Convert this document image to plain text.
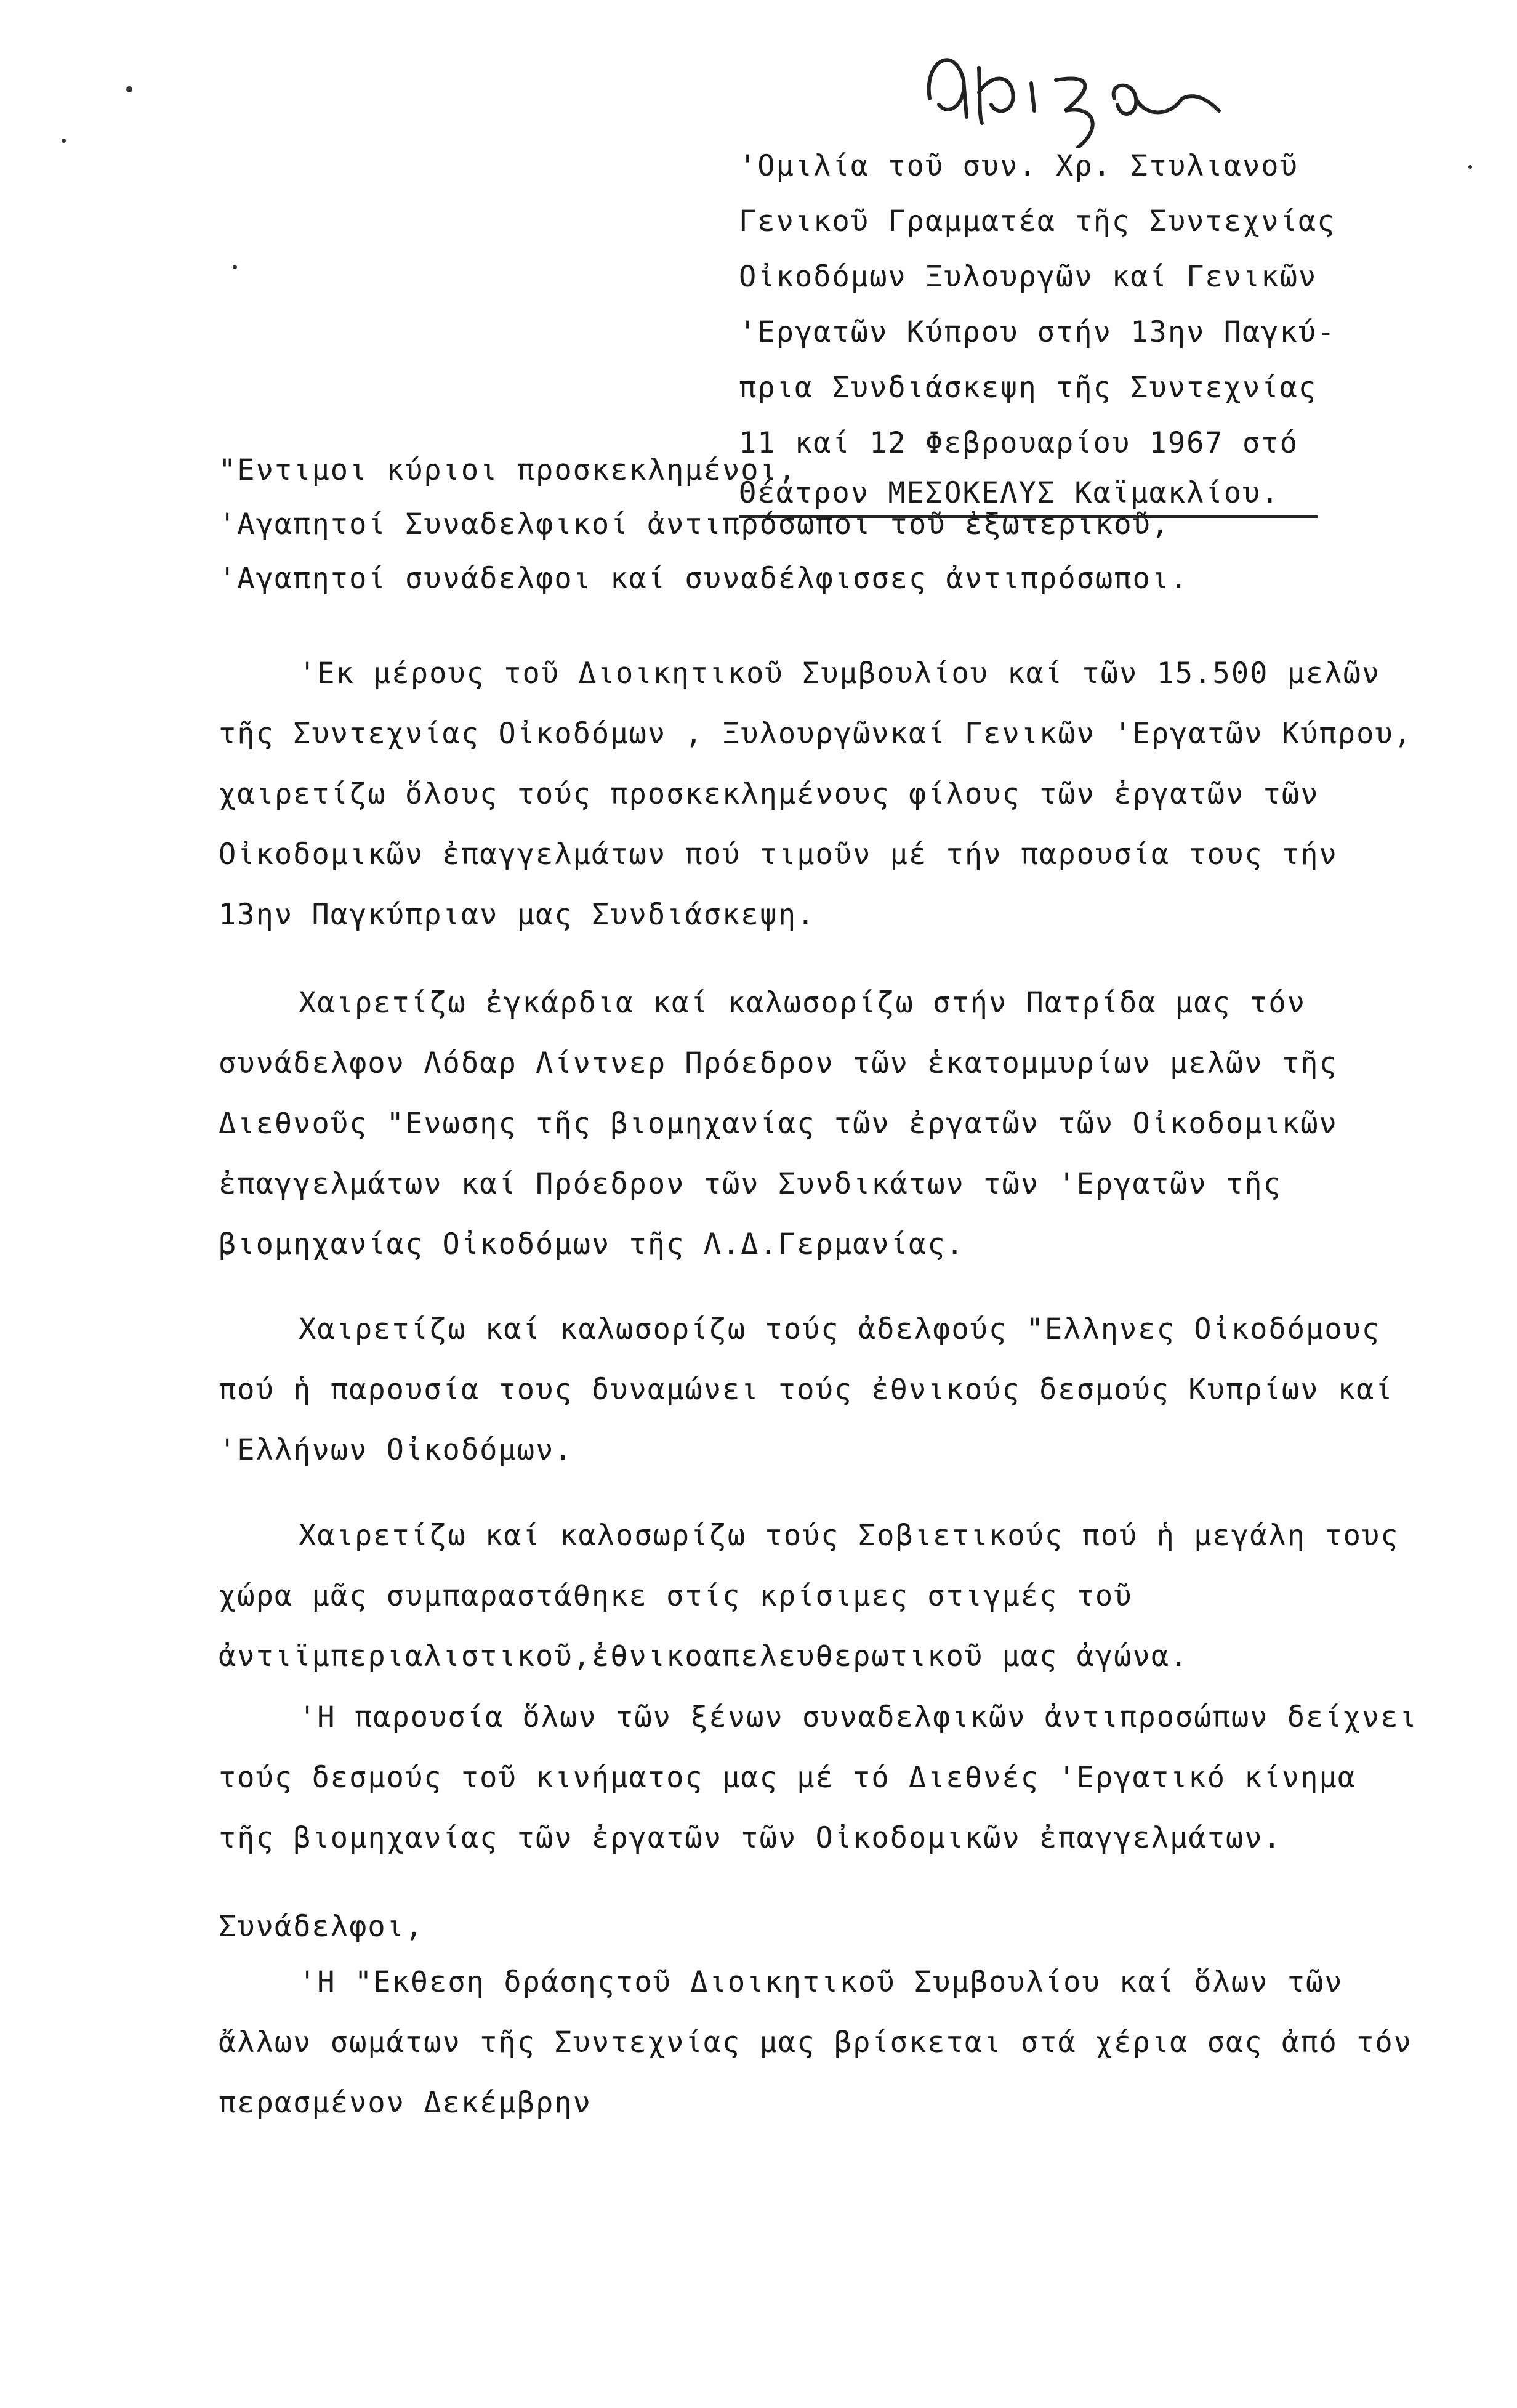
'Ομιλία τοῦ συν. Χρ. Στυλιανοῦ
Γενικοῦ Γραμματέα τῆς Συντεχνίας
Οἰκοδόμων Ξυλουργῶν καί Γενικῶν
'Εργατῶν Κύπρου στήν 13ην Παγκύ-
πρια Συνδιάσκεψη τῆς Συντεχνίας
11 καί 12 Φεβρουαρίου 1967 στό
Θέατρον ΜΕΣΟΚΕΛΥΣ Καϊμακλίου.
"Εντιμοι κύριοι προσκεκλημένοι,
'Αγαπητοί Συναδελφικοί ἀντιπρόσωποι τοῦ ἐξωτερικοῦ,
'Αγαπητοί συνάδελφοι καί συναδέλφισσες ἀντιπρόσωποι.

'Εκ μέρους τοῦ Διοικητικοῦ Συμβουλίου καί τῶν 15.500 μελῶν τῆς Συντεχνίας Οἰκοδόμων , Ξυλουργῶνκαί Γενικῶν 'Εργατῶν Κύπρου, χαιρετίζω ὅλους τούς προσκεκλημένους φίλους τῶν ἐργατῶν τῶν Οἰκοδομικῶν ἐπαγγελμάτων πού τιμοῦν μέ τήν παρουσία τους τήν 13ην Παγκύπριαν μας Συνδιάσκεψη.

Χαιρετίζω ἐγκάρδια καί καλωσορίζω στήν Πατρίδα μας τόν συνάδελφον Λόδαρ Λίντνερ Πρόεδρον τῶν ἑκατομμυρίων μελῶν τῆς Διεθνοῦς "Ενωσης τῆς βιομηχανίας τῶν ἐργατῶν τῶν Οἰκοδομικῶν ἐπαγγελμάτων καί Πρόεδρον τῶν Συνδικάτων τῶν 'Εργατῶν τῆς βιομηχανίας Οἰκοδόμων τῆς Λ.Δ.Γερμανίας.

Χαιρετίζω καί καλωσορίζω τούς ἀδελφούς "Ελληνες Οἰκοδόμους πού ἡ παρουσία τους δυναμώνει τούς ἐθνικούς δεσμούς Κυπρίων καί 'Ελλήνων Οἰκοδόμων.

Χαιρετίζω καί καλοσωρίζω τούς Σοβιετικούς πού ἡ μεγάλη τους χώρα μᾶς συμπαραστάθηκε στίς κρίσιμες στιγμές τοῦ ἀντιϊμπεριαλιστικοῦ,ἐθνικοαπελευθερωτικοῦ μας ἀγώνα.

'Η παρουσία ὅλων τῶν ξένων συναδελφικῶν ἀντιπροσώπων δείχνει τούς δεσμούς τοῦ κινήματος μας μέ τό Διεθνές 'Εργατικό κίνημα τῆς βιομηχανίας τῶν ἐργατῶν τῶν Οἰκοδομικῶν ἐπαγγελμάτων.

Συνάδελφοι,

'Η "Εκθεση δράσηςτοῦ Διοικητικοῦ Συμβουλίου καί ὅλων τῶν ἄλλων σωμάτων τῆς Συντεχνίας μας βρίσκεται στά χέρια σας ἀπό τόν περασμένον Δεκέμβρην
